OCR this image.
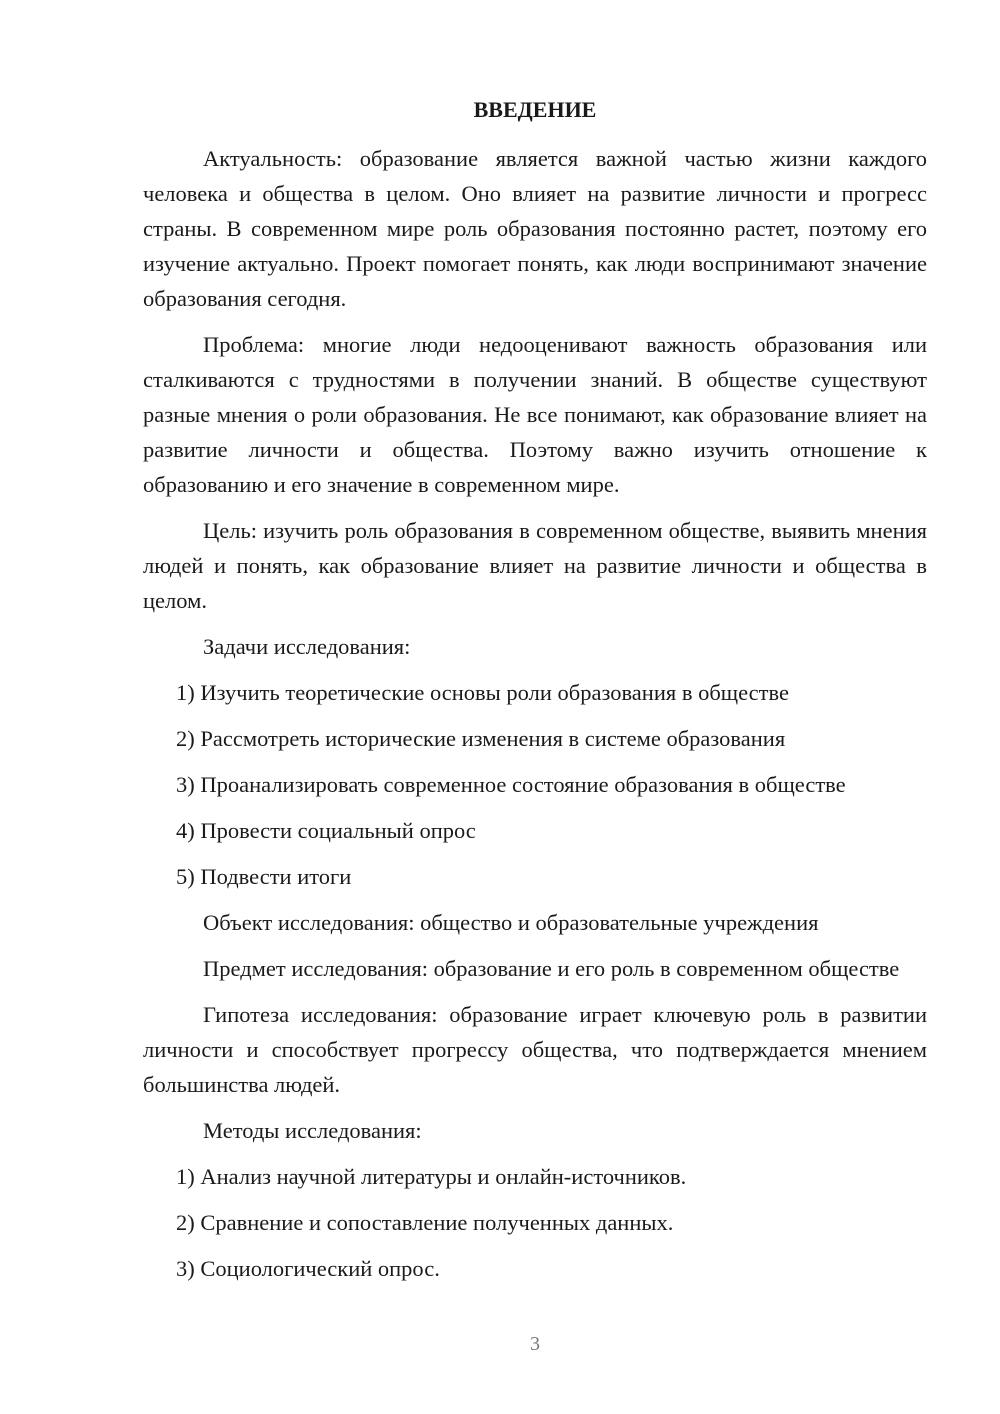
ВВЕДЕНИЕ

Актуальность: образование является важной частью жизни каждого человека и общества в целом. Оно влияет на развитие личности и прогресс страны. В современном мире роль образования постоянно растет, поэтому его изучение актуально. Проект помогает понять, как люди воспринимают значение образования сегодня.

Проблема: многие люди недооценивают важность образования или сталкиваются с трудностями в получении знаний. В обществе существуют разные мнения о роли образования. Не все понимают, как образование влияет на развитие личности и общества. Поэтому важно изучить отношение к образованию и его значение в современном мире.

Цель: изучить роль образования в современном обществе, выявить мнения людей и понять, как образование влияет на развитие личности и общества в целом.

Задачи исследования:

1) Изучить теоретические основы роли образования в обществе

2) Рассмотреть исторические изменения в системе образования

3) Проанализировать современное состояние образования в обществе

4) Провести социальный опрос

5) Подвести итоги

Объект исследования: общество и образовательные учреждения

Предмет исследования: образование и его роль в современном обществе

Гипотеза исследования: образование играет ключевую роль в развитии личности и способствует прогрессу общества, что подтверждается мнением большинства людей.

Методы исследования:

1) Анализ научной литературы и онлайн-источников.

2) Сравнение и сопоставление полученных данных.

3) Социологический опрос.

3
